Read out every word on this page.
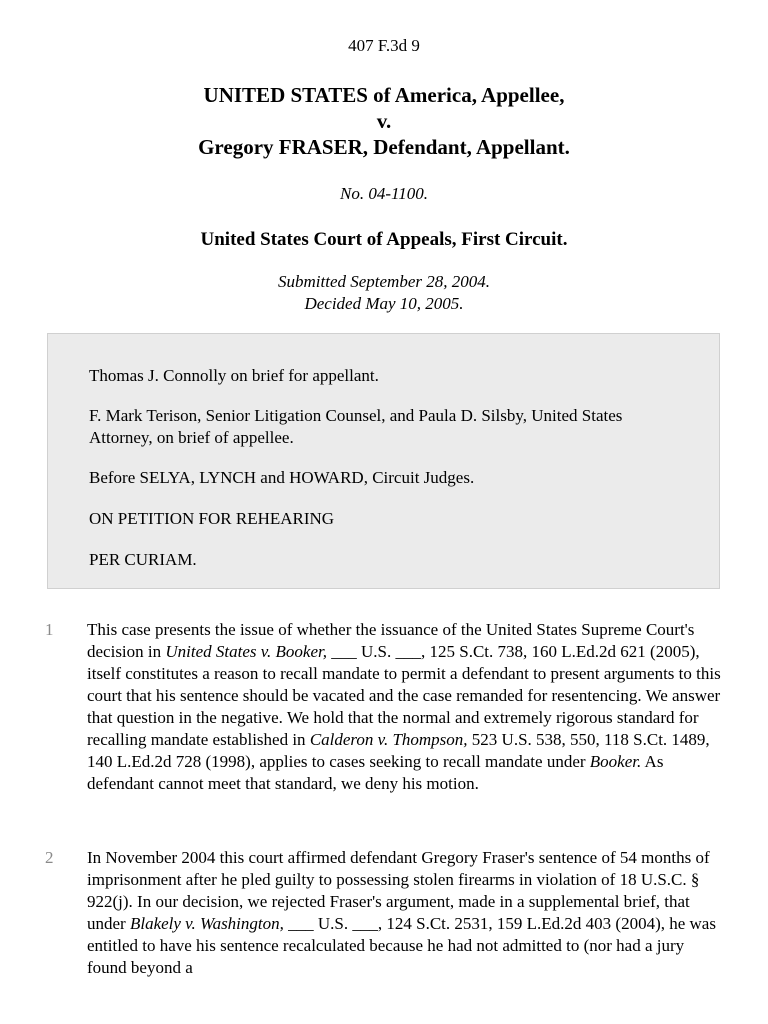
407 F.3d 9
UNITED STATES of America, Appellee,
v.
Gregory FRASER, Defendant, Appellant.
No. 04-1100.
United States Court of Appeals, First Circuit.
Submitted September 28, 2004.
Decided May 10, 2005.

Thomas J. Connolly on brief for appellant.

F. Mark Terison, Senior Litigation Counsel, and Paula D. Silsby, United States Attorney, on brief of appellee.

Before SELYA, LYNCH and HOWARD, Circuit Judges.

ON PETITION FOR REHEARING

PER CURIAM.

1 This case presents the issue of whether the issuance of the United States Supreme Court's decision in United States v. Booker, ___ U.S. ___, 125 S.Ct. 738, 160 L.Ed.2d 621 (2005), itself constitutes a reason to recall mandate to permit a defendant to present arguments to this court that his sentence should be vacated and the case remanded for resentencing. We answer that question in the negative. We hold that the normal and extremely rigorous standard for recalling mandate established in Calderon v. Thompson, 523 U.S. 538, 550, 118 S.Ct. 1489, 140 L.Ed.2d 728 (1998), applies to cases seeking to recall mandate under Booker. As defendant cannot meet that standard, we deny his motion.

2 In November 2004 this court affirmed defendant Gregory Fraser's sentence of 54 months of imprisonment after he pled guilty to possessing stolen firearms in violation of 18 U.S.C. § 922(j). In our decision, we rejected Fraser's argument, made in a supplemental brief, that under Blakely v. Washington, ___ U.S. ___, 124 S.Ct. 2531, 159 L.Ed.2d 403 (2004), he was entitled to have his sentence recalculated because he had not admitted to (nor had a jury found beyond a
